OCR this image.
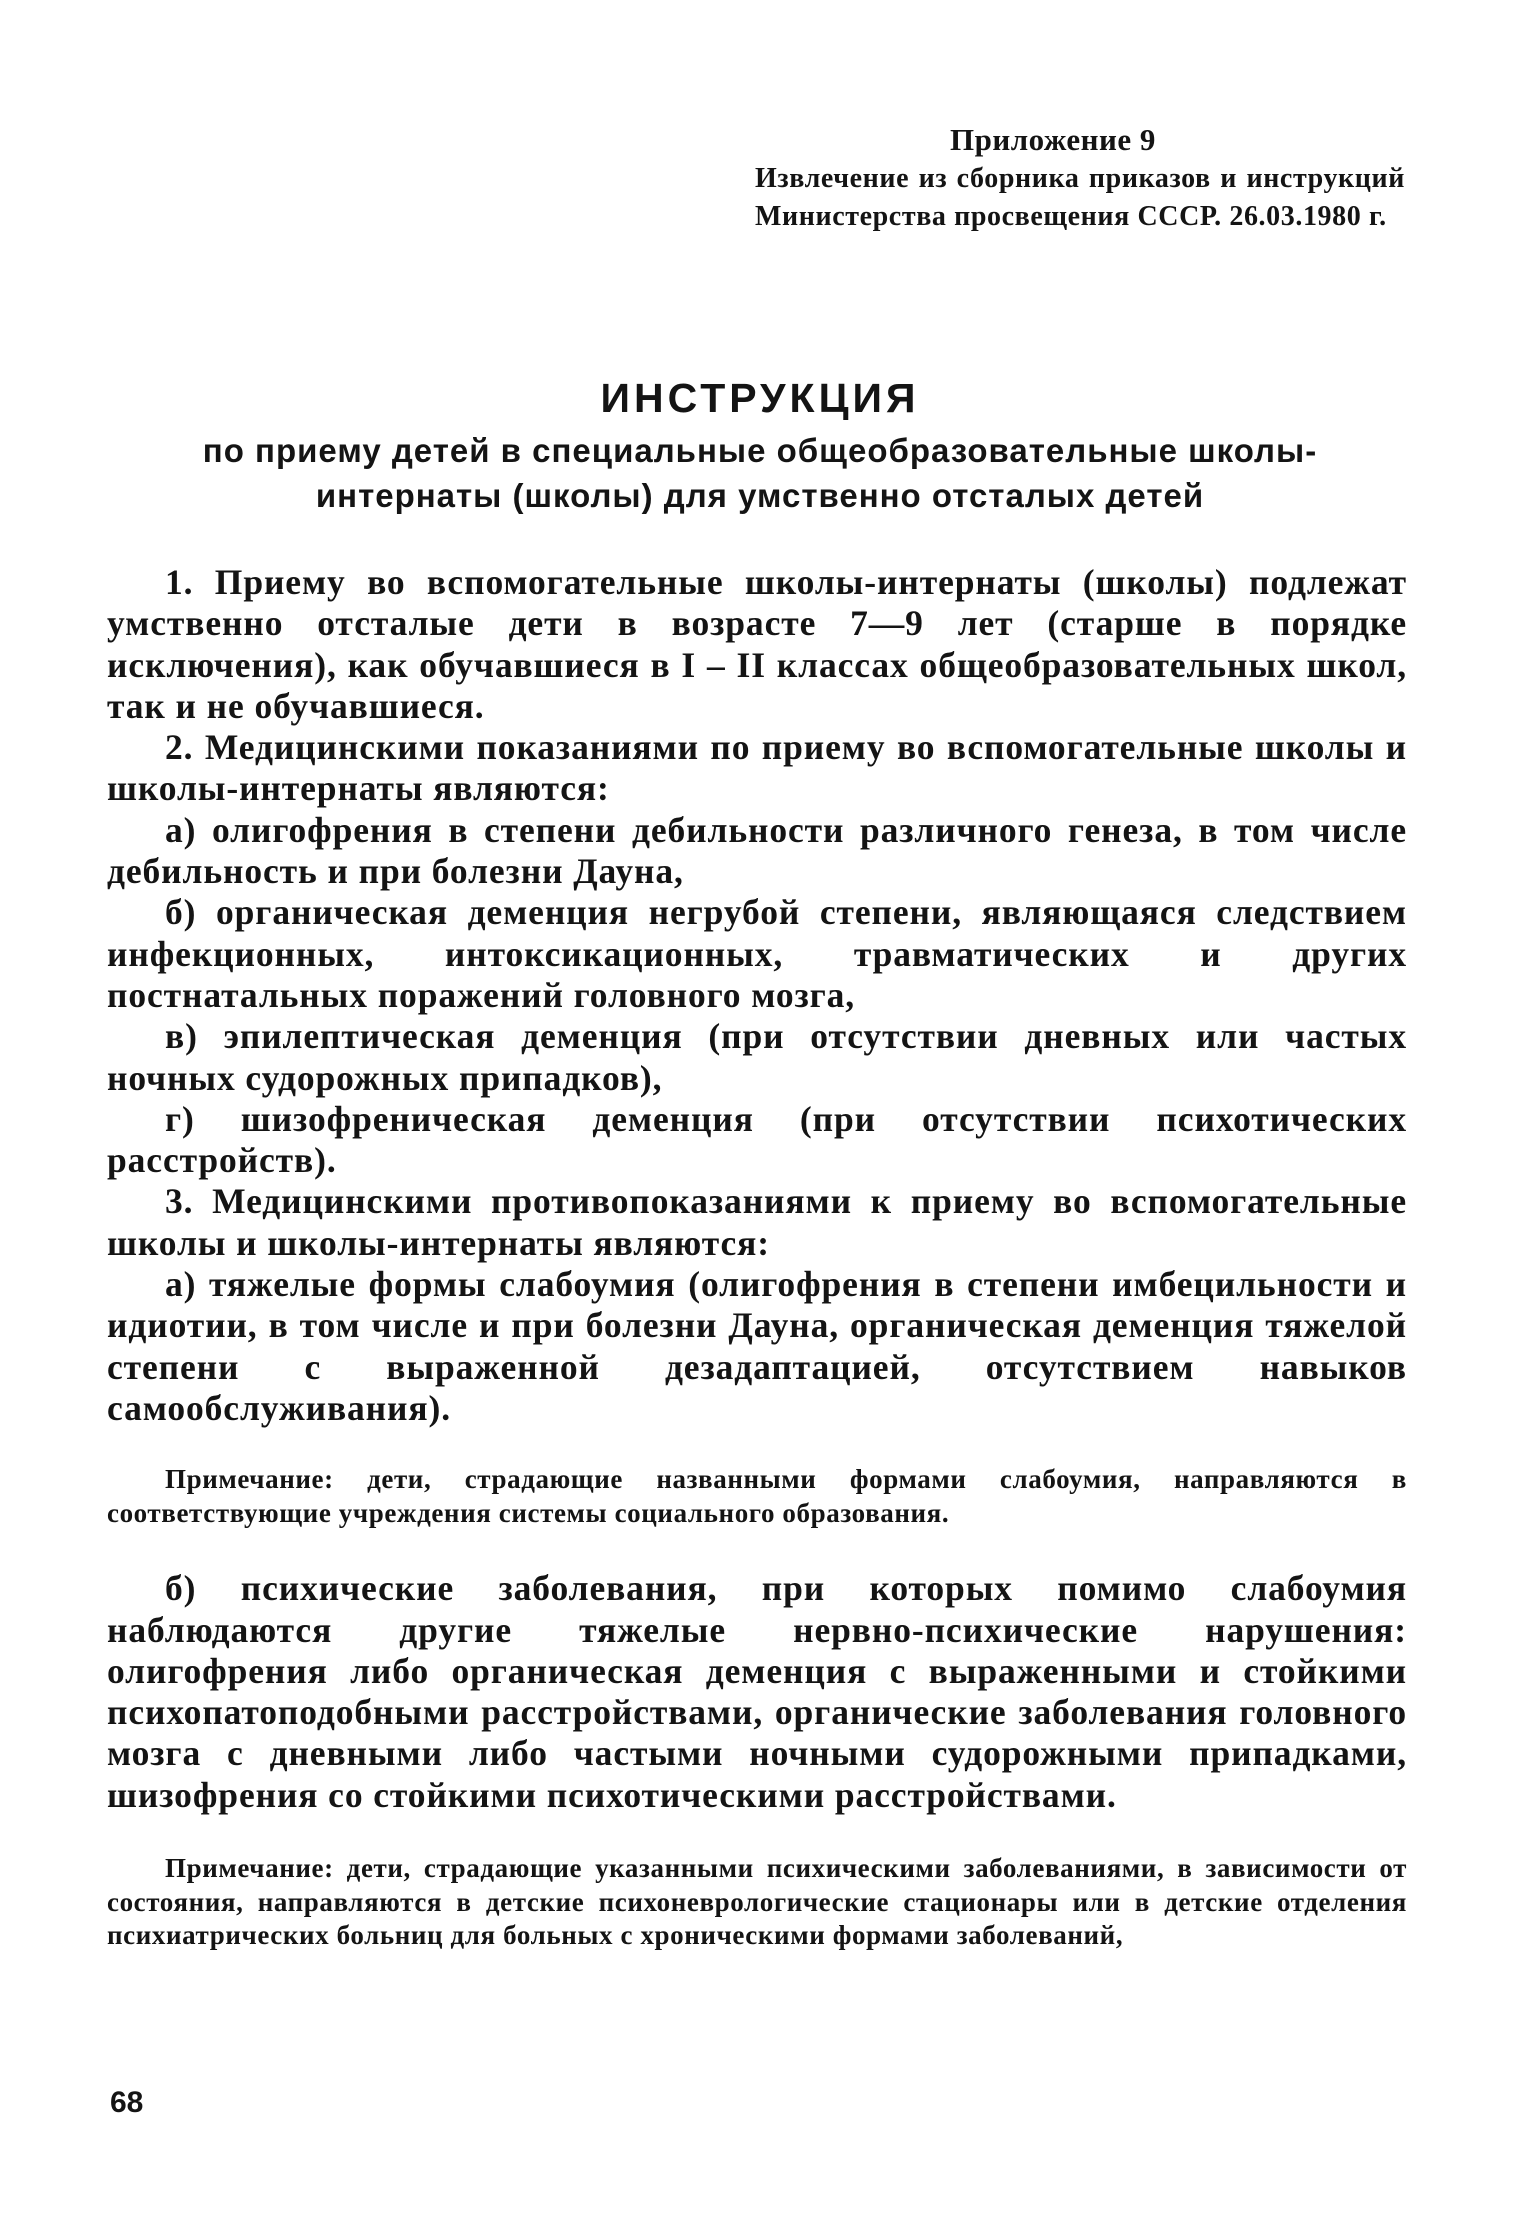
Приложение 9

Извлечение из сборника приказов и инструкций Министерства просвещения СССР. 26.03.1980 г.

ИНСТРУКЦИЯ
по приему детей в специальные общеобразовательные школы-интернаты (школы) для умственно отсталых детей

1. Приему во вспомогательные школы-интернаты (школы) подлежат умственно отсталые дети в возрасте 7—9 лет (старше в порядке исключения), как обучавшиеся в I – II классах общеобразовательных школ, так и не обучавшиеся.

2. Медицинскими показаниями по приему во вспомогательные школы и школы-интернаты являются:

а) олигофрения в степени дебильности различного генеза, в том числе дебильность и при болезни Дауна,

б) органическая деменция негрубой степени, являющаяся следствием инфекционных, интоксикационных, травматических и других постнатальных поражений головного мозга,

в) эпилептическая деменция (при отсутствии дневных или частых ночных судорожных припадков),

г) шизофреническая деменция (при отсутствии психотических расстройств).

3. Медицинскими противопоказаниями к приему во вспомогательные школы и школы-интернаты являются:

а) тяжелые формы слабоумия (олигофрения в степени имбецильности и идиотии, в том числе и при болезни Дауна, органическая деменция тяжелой степени с выраженной дезадаптацией, отсутствием навыков самообслуживания).

Примечание: дети, страдающие названными формами слабоумия, направляются в соответствующие учреждения системы социального образования.

б) психические заболевания, при которых помимо слабоумия наблюдаются другие тяжелые нервно-психические нарушения: олигофрения либо органическая деменция с выраженными и стойкими психопатоподобными расстройствами, органические заболевания головного мозга с дневными либо частыми ночными судорожными припадками, шизофрения со стойкими психотическими расстройствами.

Примечание: дети, страдающие указанными психическими заболеваниями, в зависимости от состояния, направляются в детские психоневрологические стационары или в детские отделения психиатрических больниц для больных с хроническими формами заболеваний,

68
